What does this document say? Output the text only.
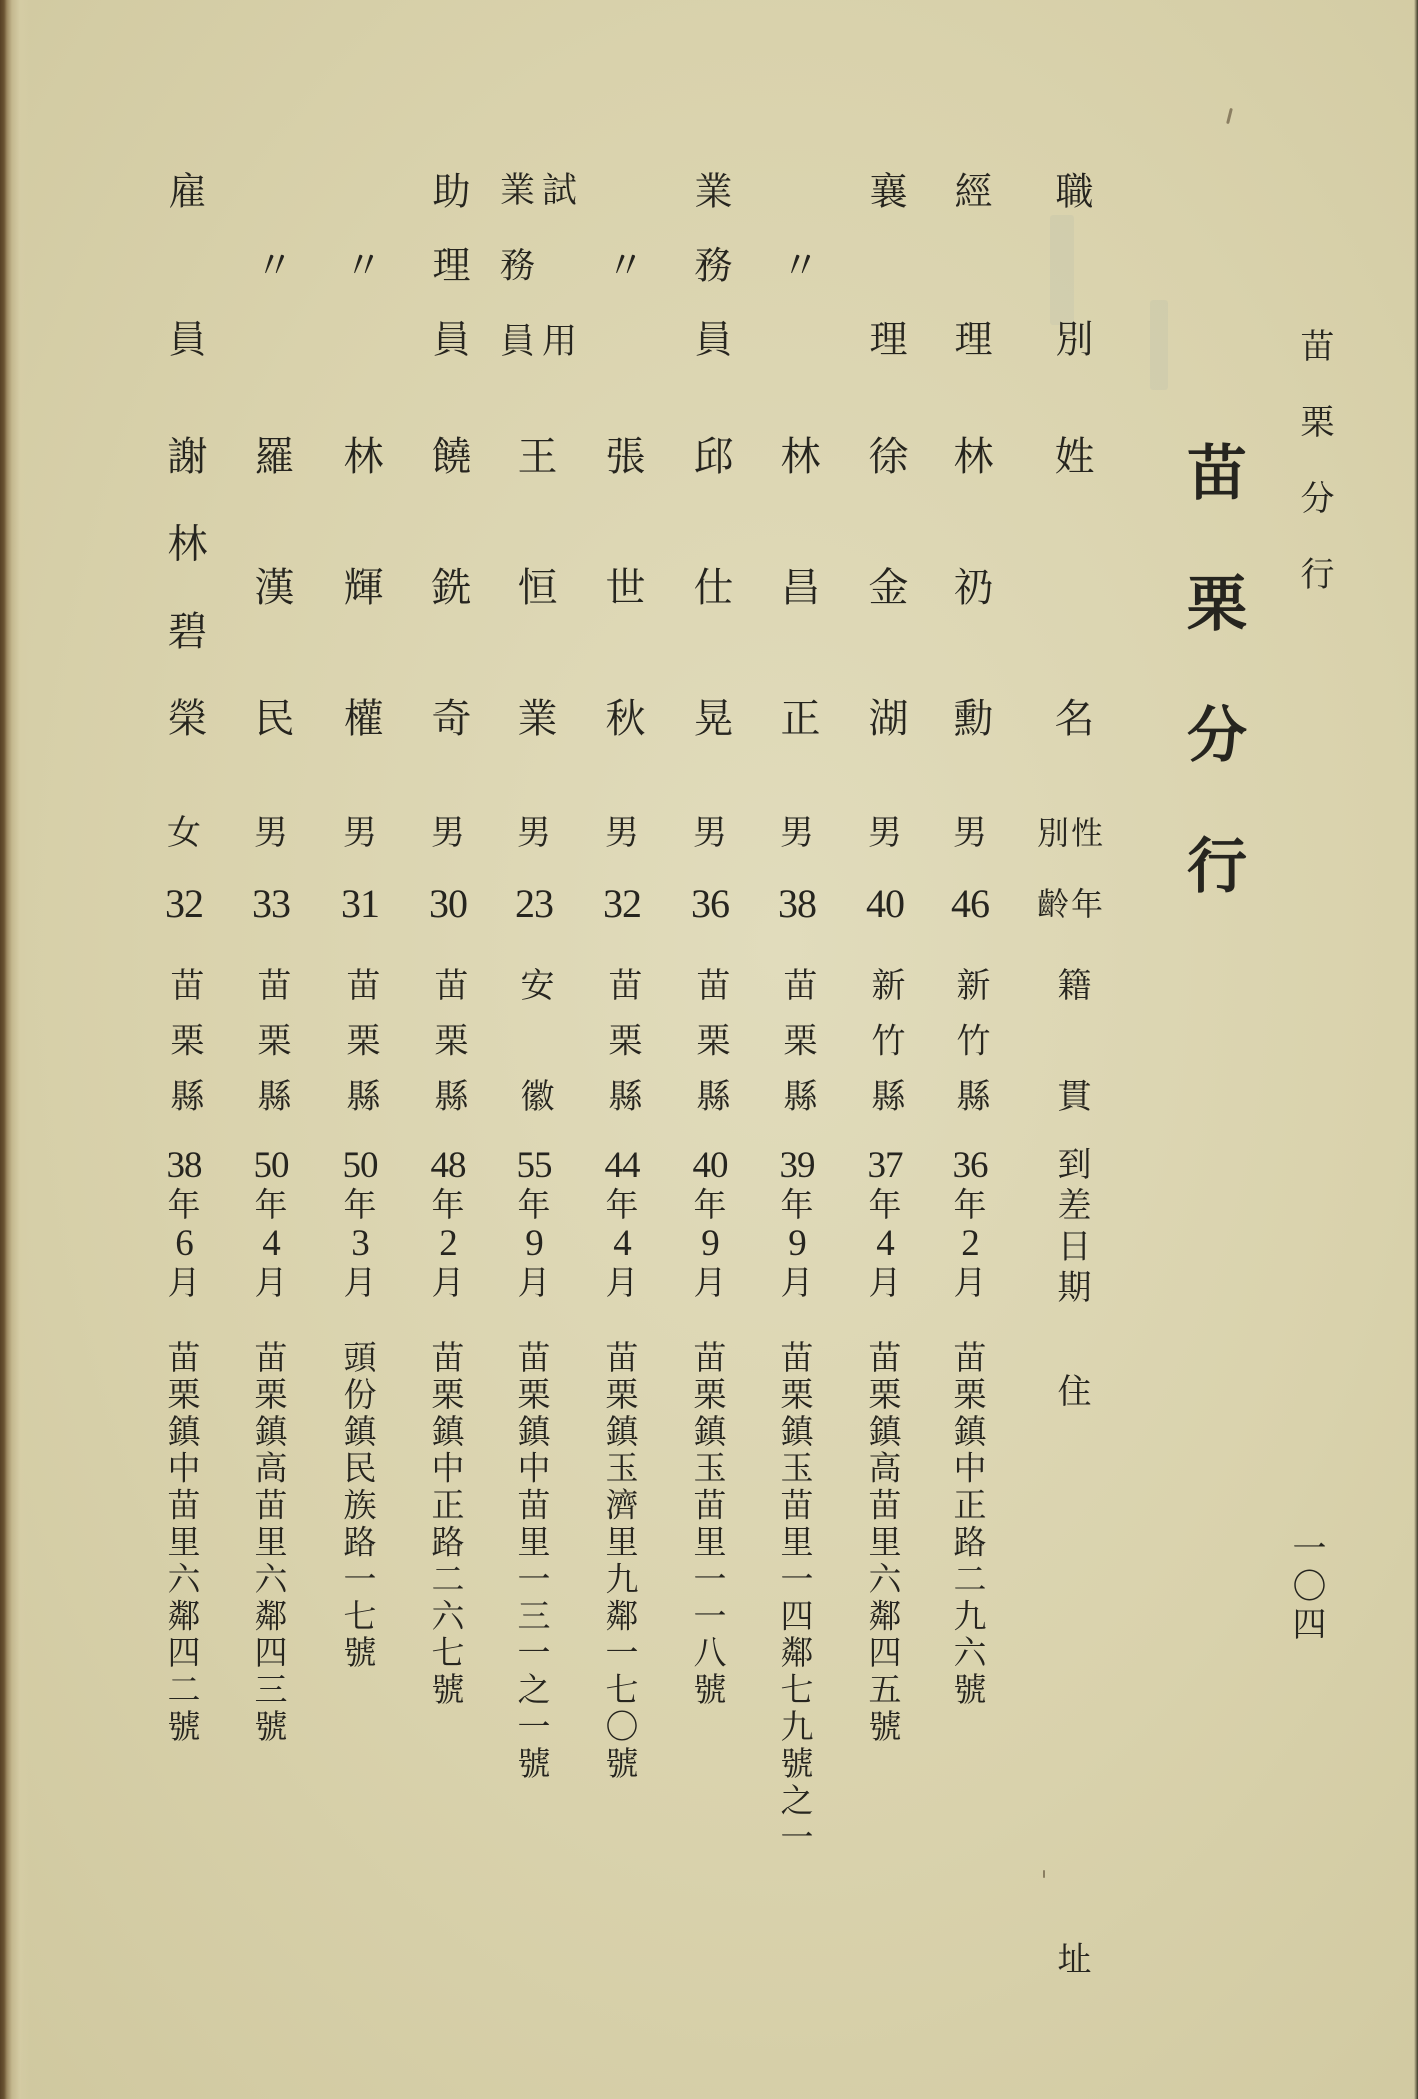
苗栗分行
苗栗分行
一〇四
職別
姓名
性別
年齡
籍貫
到差日期
住址
經理
林礽勳
男
46
新竹縣
36
年
2
月
苗栗鎮中正路二九六號
襄理
徐金湖
男
40
新竹縣
37
年
4
月
苗栗鎮高苗里六鄰四五號
〃
林昌正
男
38
苗栗縣
39
年
9
月
苗栗鎮玉苗里一四鄰七九號之一
業務員
邱仕晃
男
36
苗栗縣
40
年
9
月
苗栗鎮玉苗里一一八號
〃
張世秋
男
32
苗栗縣
44
年
4
月
苗栗鎮玉濟里九鄰一七〇號
試用
業務員
王恒業
男
23
安徽
55
年
9
月
苗栗鎮中苗里一三一之一號
助理員
饒銑奇
男
30
苗栗縣
48
年
2
月
苗栗鎮中正路二六七號
〃
林輝權
男
31
苗栗縣
50
年
3
月
頭份鎮民族路一七號
〃
羅漢民
男
33
苗栗縣
50
年
4
月
苗栗鎮高苗里六鄰四三號
雇員
謝林碧榮
女
32
苗栗縣
38
年
6
月
苗栗鎮中苗里六鄰四二號
